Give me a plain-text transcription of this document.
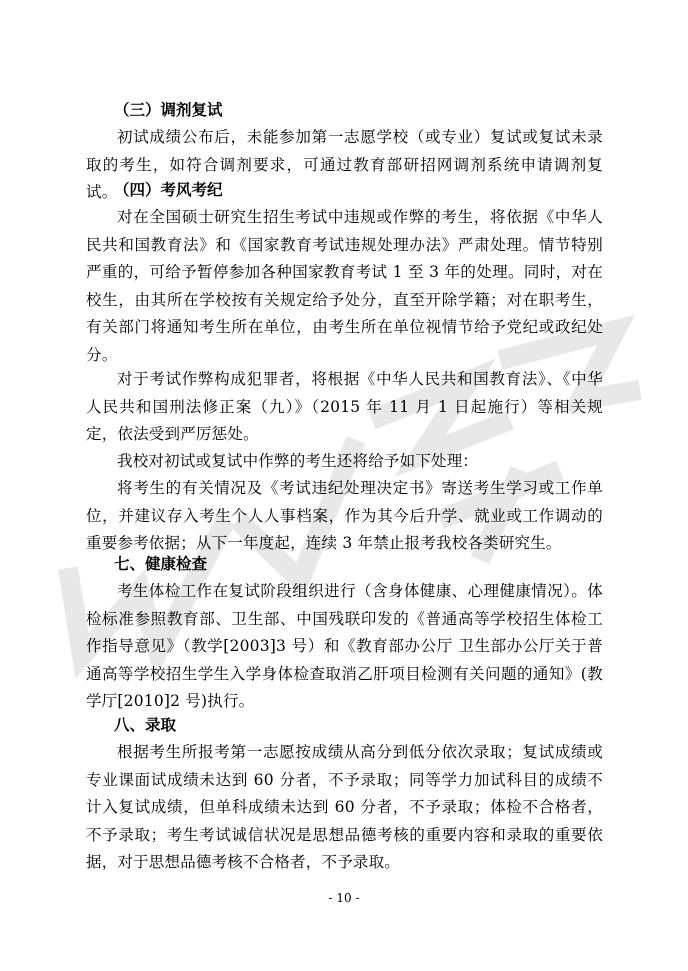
（三）调剂复试
初试成绩公布后，未能参加第一志愿学校（或专业）复试或复试未录取的考生，如符合调剂要求，可通过教育部研招网调剂系统申请调剂复试。
（四）考风考纪
对在全国硕士研究生招生考试中违规或作弊的考生，将依据《中华人民共和国教育法》和《国家教育考试违规处理办法》严肃处理。情节特别严重的，可给予暂停参加各种国家教育考试 1 至 3 年的处理。同时，对在校生，由其所在学校按有关规定给予处分，直至开除学籍；对在职考生，有关部门将通知考生所在单位，由考生所在单位视情节给予党纪或政纪处分。
对于考试作弊构成犯罪者，将根据《中华人民共和国教育法》、《中华人民共和国刑法修正案（九）》（2015 年 11 月 1 日起施行）等相关规定，依法受到严厉惩处。
我校对初试或复试中作弊的考生还将给予如下处理：
将考生的有关情况及《考试违纪处理决定书》寄送考生学习或工作单位，并建议存入考生个人人事档案，作为其今后升学、就业或工作调动的重要参考依据；从下一年度起，连续 3 年禁止报考我校各类研究生。
七、健康检查
考生体检工作在复试阶段组织进行（含身体健康、心理健康情况）。体检标准参照教育部、卫生部、中国残联印发的《普通高等学校招生体检工作指导意见》（教学[2003]3 号）和《教育部办公厅 卫生部办公厅关于普通高等学校招生学生入学身体检查取消乙肝项目检测有关问题的通知》(教学厅[2010]2 号)执行。
八、录取
根据考生所报考第一志愿按成绩从高分到低分依次录取；复试成绩或专业课面试成绩未达到 60 分者，不予录取；同等学力加试科目的成绩不计入复试成绩，但单科成绩未达到 60 分者，不予录取；体检不合格者，不予录取；考生考试诚信状况是思想品德考核的重要内容和录取的重要依据，对于思想品德考核不合格者，不予录取。
- 10 -
